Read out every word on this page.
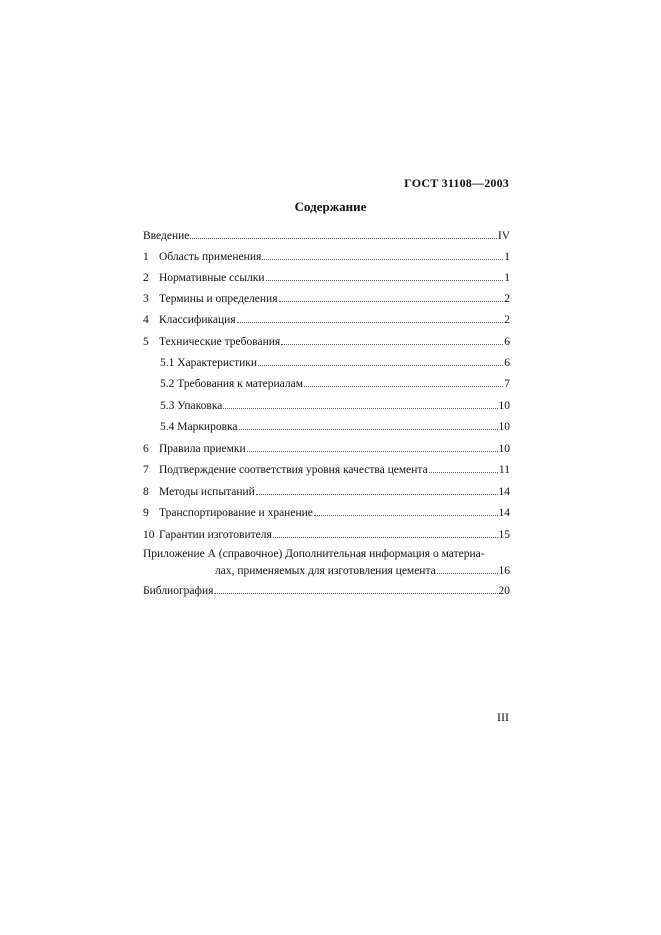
ГОСТ 31108—2003
Содержание
Введение	IV
1 Область применения	1
2 Нормативные ссылки	1
3 Термины и определения	2
4 Классификация	2
5 Технические требования	6
5.1 Характеристики	6
5.2 Требования к материалам	7
5.3 Упаковка	10
5.4 Маркировка	10
6 Правила приемки	10
7 Подтверждение соответствия уровня качества цемента	11
8 Методы испытаний	14
9 Транспортирование и хранение	14
10 Гарантии изготовителя	15
Приложение А (справочное) Дополнительная информация о материа-
лах, применяемых для изготовления цемента	16
Библиография	20
III
